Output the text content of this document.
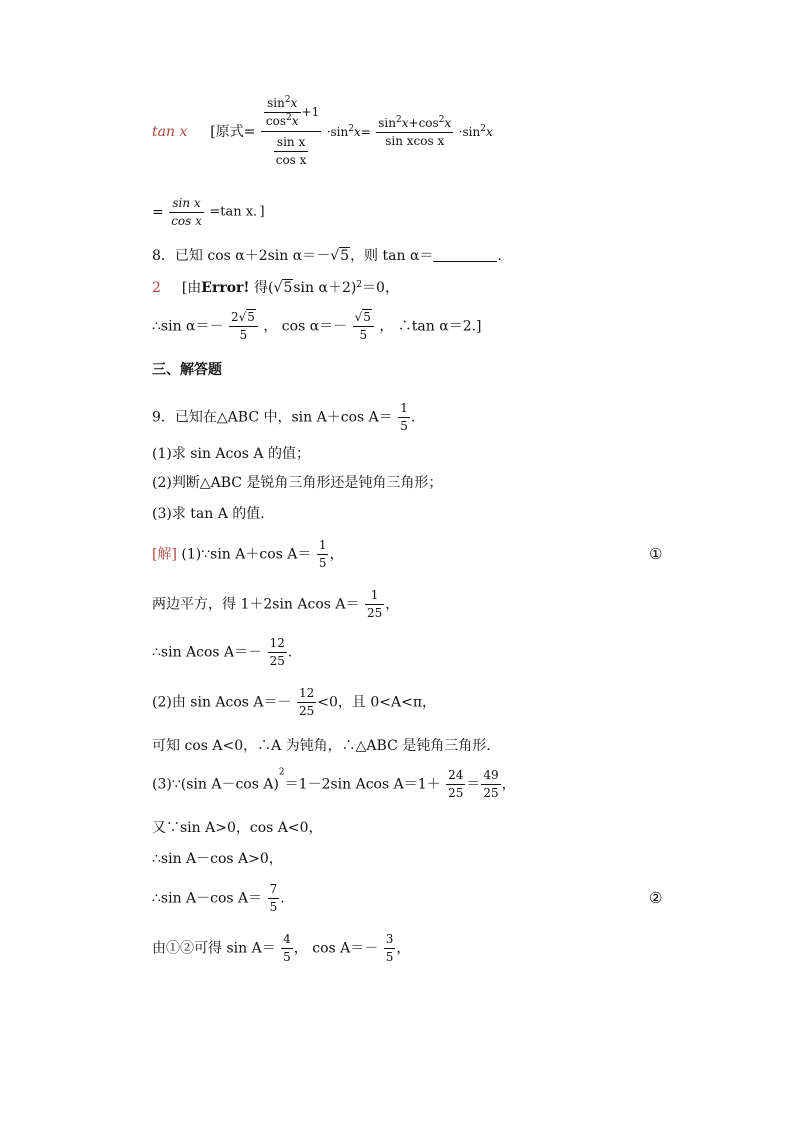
tan x [原式= $\frac{\frac{\sin^2x}{\cos^2x} +1}{\frac{\text{sin x}}{\text{cos x}}} \cdot\sin^2x= \frac{\sin^2x+\cos^2x}{\text{sin xcos x}} \cdot\sin^2x$
= $\frac{\text{sin x}}{\text{cos x}} =\tan$ x．]
8．已知 cos α＋2sin α＝－√5，则 tan α＝	.
2 [由Error! 得(√5sin α＋2)$^2$＝0，
∴sin $\alpha=- \frac{2√5}{5}$ ， $\cos \alpha=- \frac{√5}{5}$ ， ∴tan α＝2.]
三、解答题
9．已知在△ABC 中，sin A＋cos $A= \frac{1}{5}$ .
(1)求 sin Acos A 的值；
(2)判断△ABC 是锐角三角形还是钝角三角形；
(3)求 tan A 的值.
[解] (1)∵sin A＋cos $A= \frac{1}{5}$ ，	①
两边平方，得 1＋2sin Acos $A= \frac{1}{25}$ ，
∴sin Acos $A=- \frac{12}{25}$ .
(2)由 sin Acos $A=- \frac{12}{25} <0$，且 0<A<π，
可知 cos A<0，∴A 为钝角，∴△ABC 是钝角三角形.
(3)∵(sin A－cos A)$^2$＝1－2sin Acos $A=1+ \frac{24}{25} = \frac{49}{25}$ ，
又∵sin A>0，cos A<0，
∴sin A－cos A>0，
∴sin A－cos $A= \frac{7}{5}$ .	②
由①②可得 $\sin A= \frac{4}{5}$ ， $\cos A=- \frac{3}{5}$ ，
